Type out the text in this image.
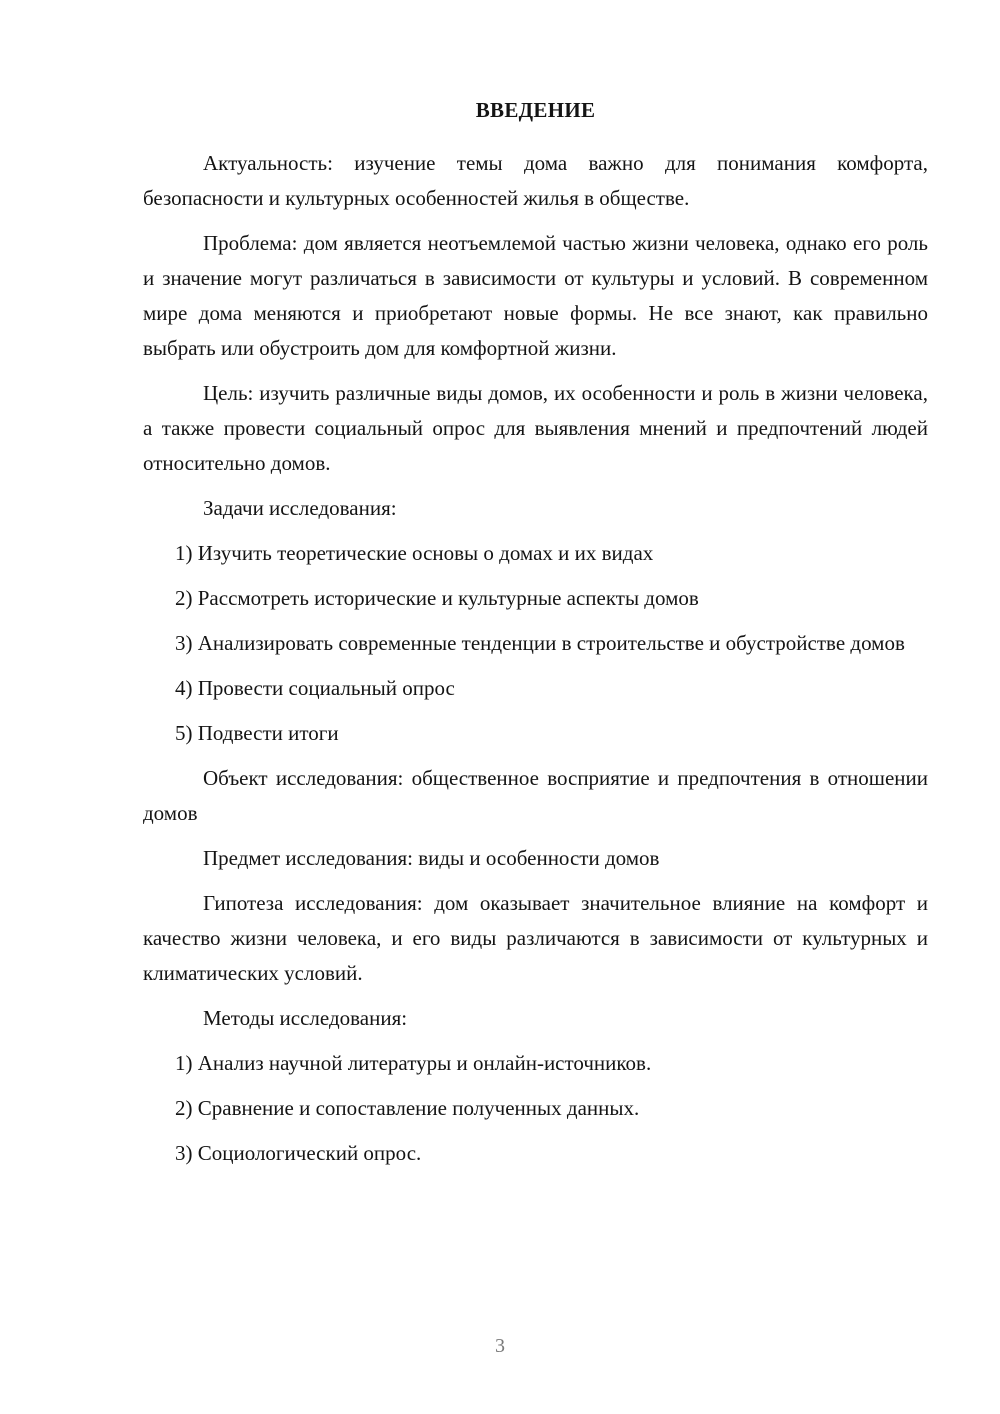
ВВЕДЕНИЕ

Актуальность: изучение темы дома важно для понимания комфорта, безопасности и культурных особенностей жилья в обществе.

Проблема: дом является неотъемлемой частью жизни человека, однако его роль и значение могут различаться в зависимости от культуры и условий. В современном мире дома меняются и приобретают новые формы. Не все знают, как правильно выбрать или обустроить дом для комфортной жизни.

Цель: изучить различные виды домов, их особенности и роль в жизни человека, а также провести социальный опрос для выявления мнений и предпочтений людей относительно домов.

Задачи исследования:

1) Изучить теоретические основы о домах и их видах

2) Рассмотреть исторические и культурные аспекты домов

3) Анализировать современные тенденции в строительстве и обустройстве домов

4) Провести социальный опрос

5) Подвести итоги

Объект исследования: общественное восприятие и предпочтения в отношении домов

Предмет исследования: виды и особенности домов

Гипотеза исследования: дом оказывает значительное влияние на комфорт и качество жизни человека, и его виды различаются в зависимости от культурных и климатических условий.

Методы исследования:

1) Анализ научной литературы и онлайн-источников.

2) Сравнение и сопоставление полученных данных.

3) Социологический опрос.

3
